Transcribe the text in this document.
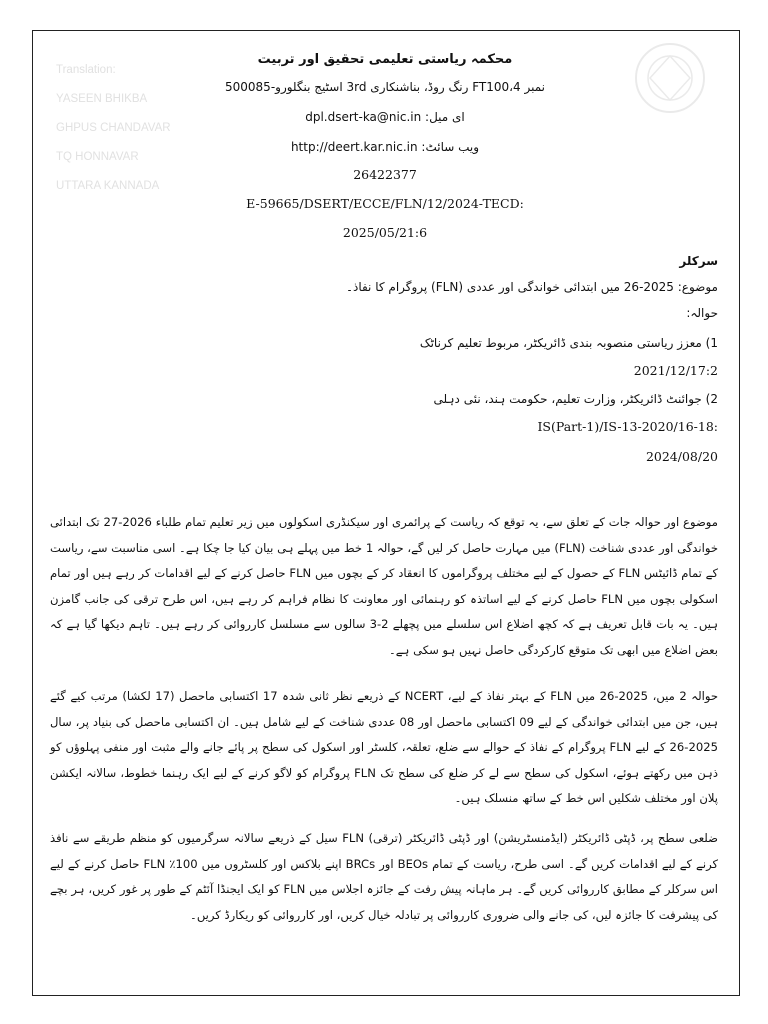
Translation:

YASEEN BHIKBA

GHPUS CHANDAVAR

TQ HONNAVAR

UTTARA KANNADA

محکمہ ریاستی تعلیمی تحقیق اور تربیت
نمبر 4،FT100 رنگ روڈ، بناشنکاری 3rd اسٹیج بنگلورو-500085
ای میل: dpl.dsert-ka@nic.in
ویب سائٹ: http://deert.kar.nic.in
26422377
E-59665/DSERT/ECCE/FLN/12/2024-TECD:
2025/05/21:6
سرکلر
موضوع: 2025-26 میں ابتدائی خواندگی اور عددی (FLN) پروگرام کا نفاذ۔
حوالہ:
1) معزز ریاستی منصوبہ بندی ڈائریکٹر، مربوط تعلیم کرناٹک
2021/12/17:2
2) جوائنٹ ڈائریکٹر، وزارت تعلیم، حکومت ہند، نئی دہلی
IS(Part-1)/IS-13-2020/16-18:
2024/08/20
موضوع اور حوالہ جات کے تعلق سے، یہ توقع کہ ریاست کے پرائمری اور سیکنڈری اسکولوں میں زیر تعلیم تمام طلباء 2026-27 تک ابتدائی خواندگی اور عددی شناخت (FLN) میں مہارت حاصل کر لیں گے، حوالہ 1 خط میں پہلے ہی بیان کیا جا چکا ہے۔ اسی مناسبت سے، ریاست کے تمام ڈائیٹس FLN کے حصول کے لیے مختلف پروگراموں کا انعقاد کر کے بچوں میں FLN حاصل کرنے کے لیے اقدامات کر رہے ہیں اور تمام اسکولی بچوں میں FLN حاصل کرنے کے لیے اساتذہ کو رہنمائی اور معاونت کا نظام فراہم کر رہے ہیں، اس طرح ترقی کی جانب گامزن ہیں۔ یہ بات قابل تعریف ہے کہ کچھ اضلاع اس سلسلے میں پچھلے 2-3 سالوں سے مسلسل کارروائی کر رہے ہیں۔ تاہم دیکھا گیا ہے کہ بعض اضلاع میں ابھی تک متوقع کارکردگی حاصل نہیں ہو سکی ہے۔
حوالہ 2 میں، 2025-26 میں FLN کے بہتر نفاذ کے لیے، NCERT کے ذریعے نظر ثانی شدہ 17 اکتسابی ماحصل (17 لکشا) مرتب کیے گئے ہیں، جن میں ابتدائی خواندگی کے لیے 09 اکتسابی ماحصل اور 08 عددی شناخت کے لیے شامل ہیں۔ ان اکتسابی ماحصل کی بنیاد پر، سال 2025-26 کے لیے FLN پروگرام کے نفاذ کے حوالے سے ضلع، تعلقہ، کلسٹر اور اسکول کی سطح پر پائے جانے والے مثبت اور منفی پہلوؤں کو ذہن میں رکھتے ہوئے، اسکول کی سطح سے لے کر ضلع کی سطح تک FLN پروگرام کو لاگو کرنے کے لیے ایک رہنما خطوط، سالانہ ایکشن پلان اور مختلف شکلیں اس خط کے ساتھ منسلک ہیں۔
ضلعی سطح پر، ڈپٹی ڈائریکٹر (ایڈمنسٹریشن) اور ڈپٹی ڈائریکٹر (ترقی) FLN سیل کے ذریعے سالانہ سرگرمیوں کو منظم طریقے سے نافذ کرنے کے لیے اقدامات کریں گے۔ اسی طرح، ریاست کے تمام BEOs اور BRCs اپنے بلاکس اور کلسٹروں میں 100٪ FLN حاصل کرنے کے لیے اس سرکلر کے مطابق کارروائی کریں گے۔ ہر ماہانہ پیش رفت کے جائزہ اجلاس میں FLN کو ایک ایجنڈا آئٹم کے طور پر غور کریں، ہر بچے کی پیشرفت کا جائزہ لیں، کی جانے والی ضروری کارروائی پر تبادلہ خیال کریں، اور کارروائی کو ریکارڈ کریں۔
